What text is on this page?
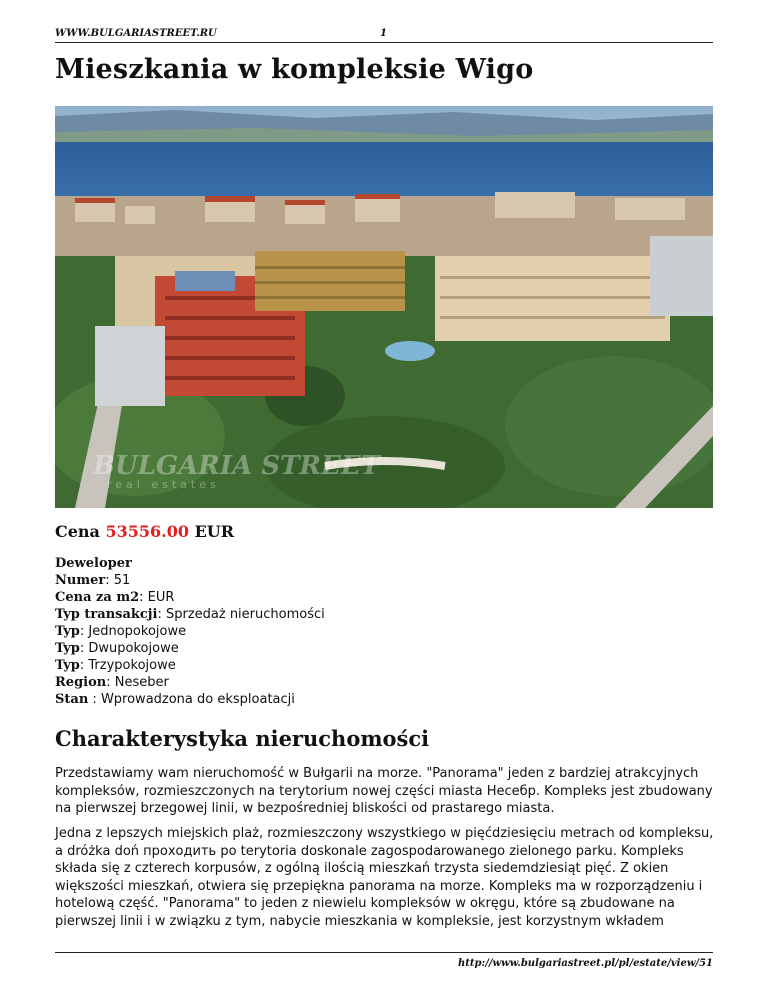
WWW.BULGARIASTREET.RU	1
Mieszkania w kompleksie Wigo
BULGARIA STREET
real estates
Cena 53556.00 EUR
Deweloper
Numer: 51
Cena za m2: EUR
Typ transakcji: Sprzedaż nieruchomości
Typ: Jednopokojowe
Typ: Dwupokojowe
Typ: Trzypokojowe
Region: Neseber
Stan : Wprowadzona do eksploatacji
Charakterystyka nieruchomości

Przedstawiamy wam nieruchomość w Bułgarii na morze. "Panorama" jeden z bardziej atrakcyjnych kompleksów, rozmieszczonych na terytorium nowej części miasta Несебр. Kompleks jest zbudowany na pierwszej brzegowej linii, w bezpośredniej bliskości od prastarego miasta.

Jedna z lepszych miejskich plaż, rozmieszczony wszystkiego w pięćdziesięciu metrach od kompleksu, a dróżka doń проходить po terytoria doskonale zagospodarowanego zielonego parku. Kompleks składa się z czterech korpusów, z ogólną ilością mieszkań trzysta siedemdziesiąt pięć. Z okien większości mieszkań, otwiera się przepiękna panorama na morze. Kompleks ma w rozporządzeniu i hotelową część. "Panorama" to jeden z niewielu kompleksów w okręgu, które są zbudowane na pierwszej linii i w związku z tym, nabycie mieszkania w kompleksie, jest korzystnym wkładem

http://www.bulgariastreet.pl/pl/estate/view/51
